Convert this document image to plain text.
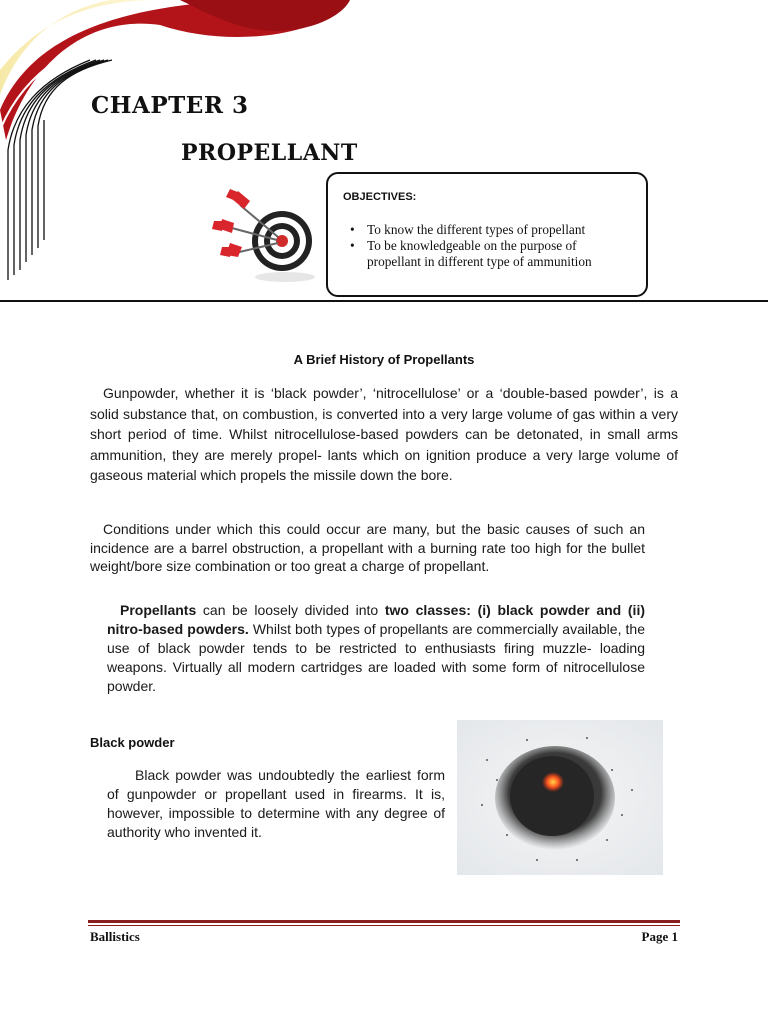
CHAPTER 3
PROPELLANT
OBJECTIVES:
• To know the different types of propellant
• To be knowledgeable on the purpose of propellant in different type of ammunition
A Brief History of Propellants
Gunpowder, whether it is ‘black powder’, ‘nitrocellulose’ or a ‘double-based powder’, is a solid substance that, on combustion, is converted into a very large volume of gas within a very short period of time. Whilst nitrocellulose-based powders can be detonated, in small arms ammunition, they are merely propel- lants which on ignition produce a very large volume of gaseous material which propels the missile down the bore.
Conditions under which this could occur are many, but the basic causes of such an incidence are a barrel obstruction, a propellant with a burning rate too high for the bullet weight/bore size combination or too great a charge of propellant.
Propellants can be loosely divided into two classes: (i) black powder and (ii) nitro-based powders. Whilst both types of propellants are commercially available, the use of black powder tends to be restricted to enthusiasts firing muzzle- loading weapons. Virtually all modern cartridges are loaded with some form of nitrocellulose powder.
Black powder
Black powder was undoubtedly the earliest form of gunpowder or propellant used in firearms. It is, however, impossible to determine with any degree of authority who invented it.
Ballistics	Page 1
